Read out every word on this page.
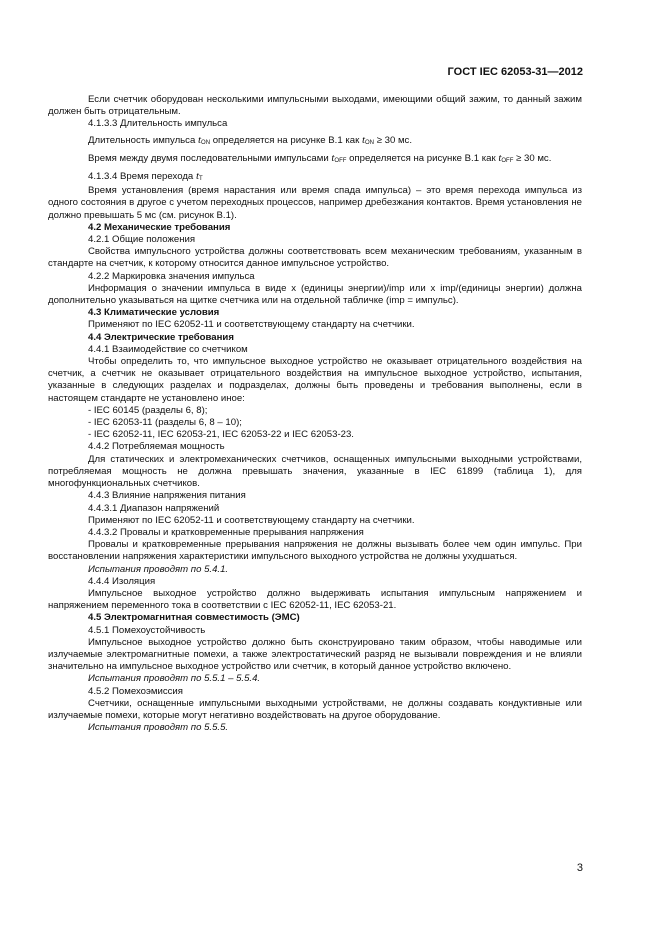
ГОСТ IEC 62053-31—2012

Если счетчик оборудован несколькими импульсными выходами, имеющими общий зажим, то данный зажим должен быть отрицательным.

4.1.3.3 Длительность импульса

Длительность импульса tON определяется на рисунке В.1 как tON ≥ 30 мс.

Время между двумя последовательными импульсами tOFF определяется на рисунке В.1 как tOFF ≥ 30 мс.

4.1.3.4 Время перехода tT

Время установления (время нарастания или время спада импульса) – это время перехода импульса из одного состояния в другое с учетом переходных процессов, например дребезжания контактов. Время установления не должно превышать 5 мс (см. рисунок В.1).

4.2 Механические требования

4.2.1 Общие положения

Свойства импульсного устройства должны соответствовать всем механическим требованиям, указанным в стандарте на счетчик, к которому относится данное импульсное устройство.

4.2.2 Маркировка значения импульса

Информация о значении импульса в виде x (единицы энергии)/imp или x imp/(единицы энергии) должна дополнительно указываться на щитке счетчика или на отдельной табличке (imp = импульс).

4.3 Климатические условия

Применяют по IEC 62052-11 и соответствующему стандарту на счетчики.

4.4 Электрические требования

4.4.1 Взаимодействие со счетчиком

Чтобы определить то, что импульсное выходное устройство не оказывает отрицательного воздействия на счетчик, а счетчик не оказывает отрицательного воздействия на импульсное выходное устройство, испытания, указанные в следующих разделах и подразделах, должны быть проведены и требования выполнены, если в настоящем стандарте не установлено иное:

- IEC 60145 (разделы 6, 8);

- IEC 62053-11 (разделы 6, 8 – 10);

- IEC 62052-11, IEC 62053-21, IEC 62053-22 и IEC 62053-23.

4.4.2 Потребляемая мощность

Для статических и электромеханических счетчиков, оснащенных импульсными выходными устройствами, потребляемая мощность не должна превышать значения, указанные в IEC 61899 (таблица 1), для многофункциональных счетчиков.

4.4.3 Влияние напряжения питания

4.4.3.1 Диапазон напряжений

Применяют по IEC 62052-11 и соответствующему стандарту на счетчики.

4.4.3.2 Провалы и кратковременные прерывания напряжения

Провалы и кратковременные прерывания напряжения не должны вызывать более чем один импульс. При восстановлении напряжения характеристики импульсного выходного устройства не должны ухудшаться.

Испытания проводят по 5.4.1.

4.4.4 Изоляция

Импульсное выходное устройство должно выдерживать испытания импульсным напряжением и напряжением переменного тока в соответствии с IEC 62052-11, IEC 62053-21.

4.5 Электромагнитная совместимость (ЭМС)

4.5.1 Помехоустойчивость

Импульсное выходное устройство должно быть сконструировано таким образом, чтобы наводимые или излучаемые электромагнитные помехи, а также электростатический разряд не вызывали повреждения и не влияли значительно на импульсное выходное устройство или счетчик, в который данное устройство включено.

Испытания проводят по 5.5.1 – 5.5.4.

4.5.2 Помехоэмиссия

Счетчики, оснащенные импульсными выходными устройствами, не должны создавать кондуктивные или излучаемые помехи, которые могут негативно воздействовать на другое оборудование.

Испытания проводят по 5.5.5.

3
